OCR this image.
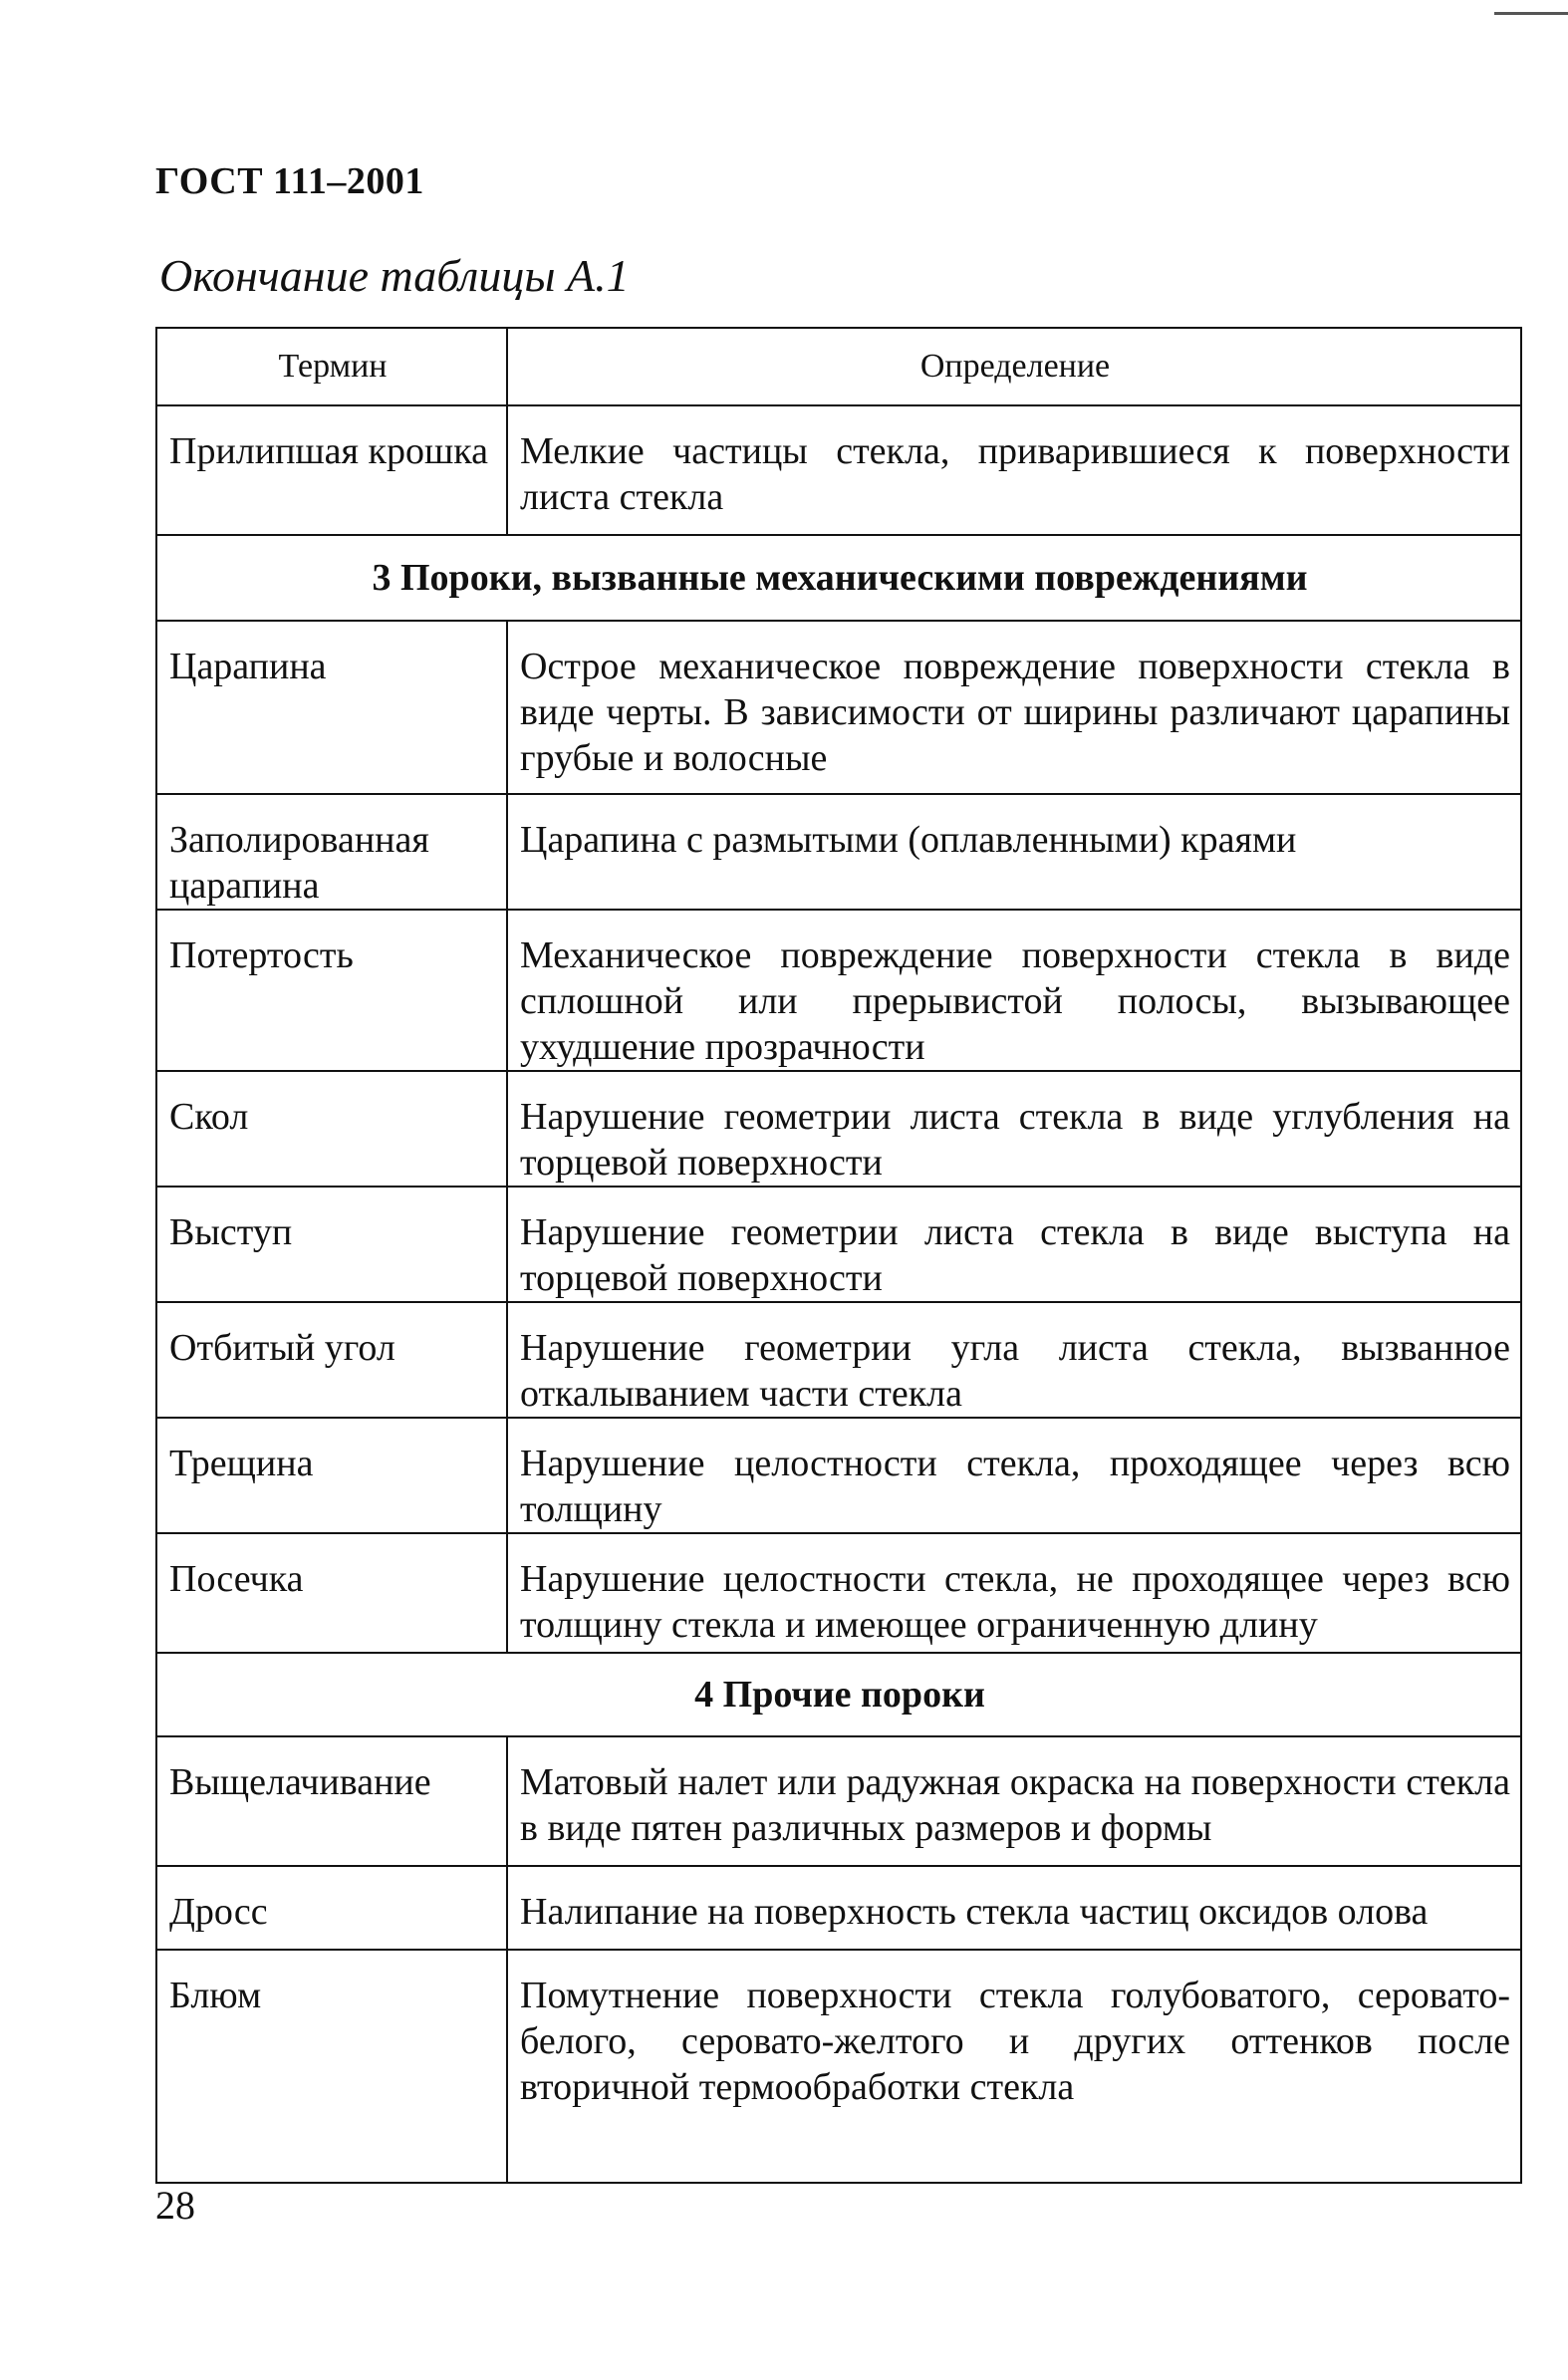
ГОСТ 111–2001
Окончание таблицы А.1
Термин	Определение
Прилипшая крошка	Мелкие частицы стекла, приварившиеся к поверхности листа стекла
3 Пороки, вызванные механическими повреждениями	
Царапина	Острое механическое повреждение поверхности стекла в виде черты. В зависимости от ширины различают царапины грубые и волосные
Заполированная царапина	Царапина с размытыми (оплавленными) краями
Потертость	Механическое повреждение поверхности стекла в виде сплошной или прерывистой полосы, вызывающее ухудшение прозрачности
Скол	Нарушение геометрии листа стекла в виде углубления на торцевой поверхности
Выступ	Нарушение геометрии листа стекла в виде выступа на торцевой поверхности
Отбитый угол	Нарушение геометрии угла листа стекла, вызванное откалыванием части стекла
Трещина	Нарушение целостности стекла, проходящее через всю толщину
Посечка	Нарушение целостности стекла, не проходящее через всю толщину стекла и имеющее ограниченную длину
4 Прочие пороки	
Выщелачивание	Матовый налет или радужная окраска на поверхности стекла в виде пятен различных размеров и формы
Дросс	Налипание на поверхность стекла частиц оксидов олова
Блюм	Помутнение поверхности стекла голубоватого, серовато-белого, серовато-желтого и других оттенков после вторичной термообработки стекла
28
